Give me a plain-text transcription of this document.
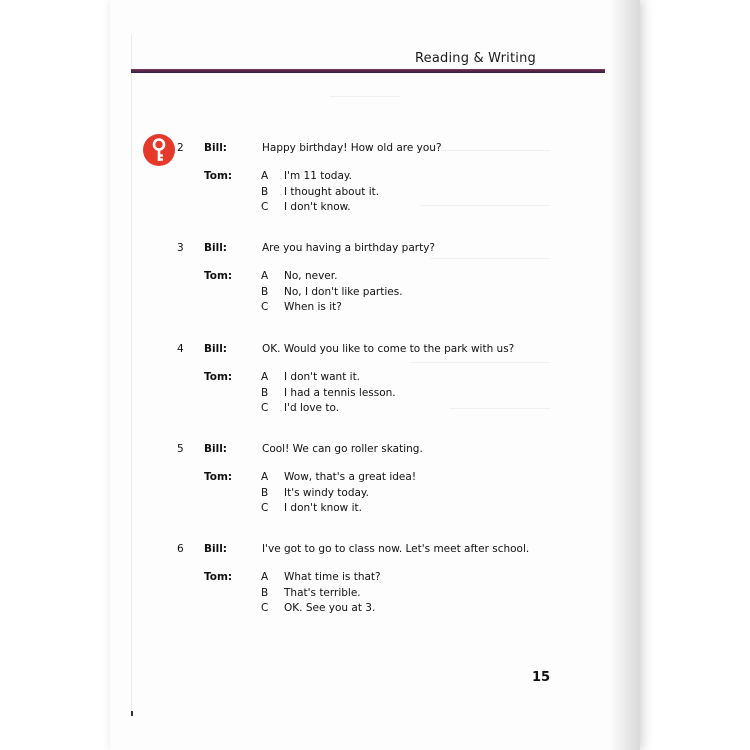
Reading & Writing
2 Bill:	Happy birthday! How old are you?
Tom:	A I'm 11 today.
B I thought about it.
C I don't know.
3 Bill:	Are you having a birthday party?
Tom:	A No, never.
B No, I don't like parties.
C When is it?
4 Bill:	OK. Would you like to come to the park with us?
Tom:	A I don't want it.
B I had a tennis lesson.
C I'd love to.
5 Bill:	Cool! We can go roller skating.
Tom:	A Wow, that's a great idea!
B It's windy today.
C I don't know it.
6 Bill:	I've got to go to class now. Let's meet after school.
Tom:	A What time is that?
B That's terrible.
C OK. See you at 3.
15
